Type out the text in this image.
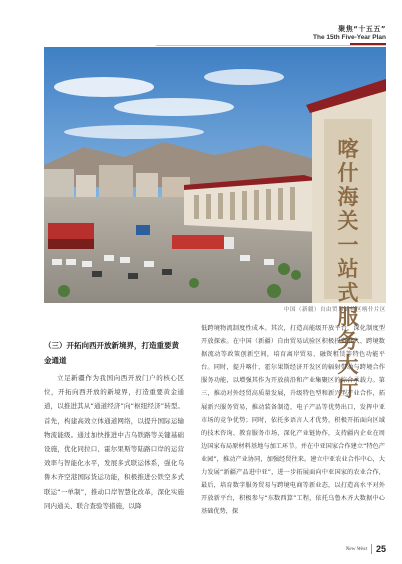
聚焦“十五五”
The 15th Five-Year Plan
喀什海关一站式服务大厅
中国（新疆）自由贸易试验区喀什片区
（三）开拓向西开放新境界，打造重要黄金通道
立足新疆作为我国向西开放门户的核心区位，开拓向西开放的新境界，打造重要黄金通道，以推进其从“通道经济”向“枢纽经济”转型。首先，构建高效立体通道网络，以提升国际运输物流能级。通过加快推进中吉乌铁路等关键基础设施，优化同拉口、霍尔果斯等陆路口岸的运营效率与智能化水平，发展多式联运体系，强化乌鲁木齐空港国际货运功能，积极推进公铁空多式联运“一单制”，推动口岸智慧化改革，深化实施同内通关、联合查验等措施，以降
低跨境物流制度性成本。其次，打造高能级开放平台，深化制度型开放探索。在中国（新疆）自由贸易试验区积极投资准入、跨境数据流动等政策创新空间，培育离岸贸易、融资租赁等特色功能平台。同时，提升喀什、霍尔果斯经济开发区的辐射带动与跨境合作服务功能，以增强其作为开放前沿和产业集聚区的综合承载力。第三，推动对外经贸高质量发展，升级特色型和新兴型产业合作，拓展新兴服务贸易，推动装备制造、电子产品等优势出口，发挥中亚市场的竞争优势；同时，依托多语言人才优势，积极开拓面向区域的技术咨询、教育服务市场，深化产业链协作，支持疆内企业在周边国家布局原材料基地与加工环节。并在中亚国家合作建立“特色产业园”，推动产业协同，加强经贸往来。建立中亚农业合作中心，大力发展“新疆产品进中亚”，进一步拓展面向中亚国家的农业合作，最后，培育数字服务贸易与跨境电商等新业态，以打造高水平对外开放新平台，积极参与“东数西算”工程，依托乌鲁木齐大数据中心基础优势，探
New West 25
